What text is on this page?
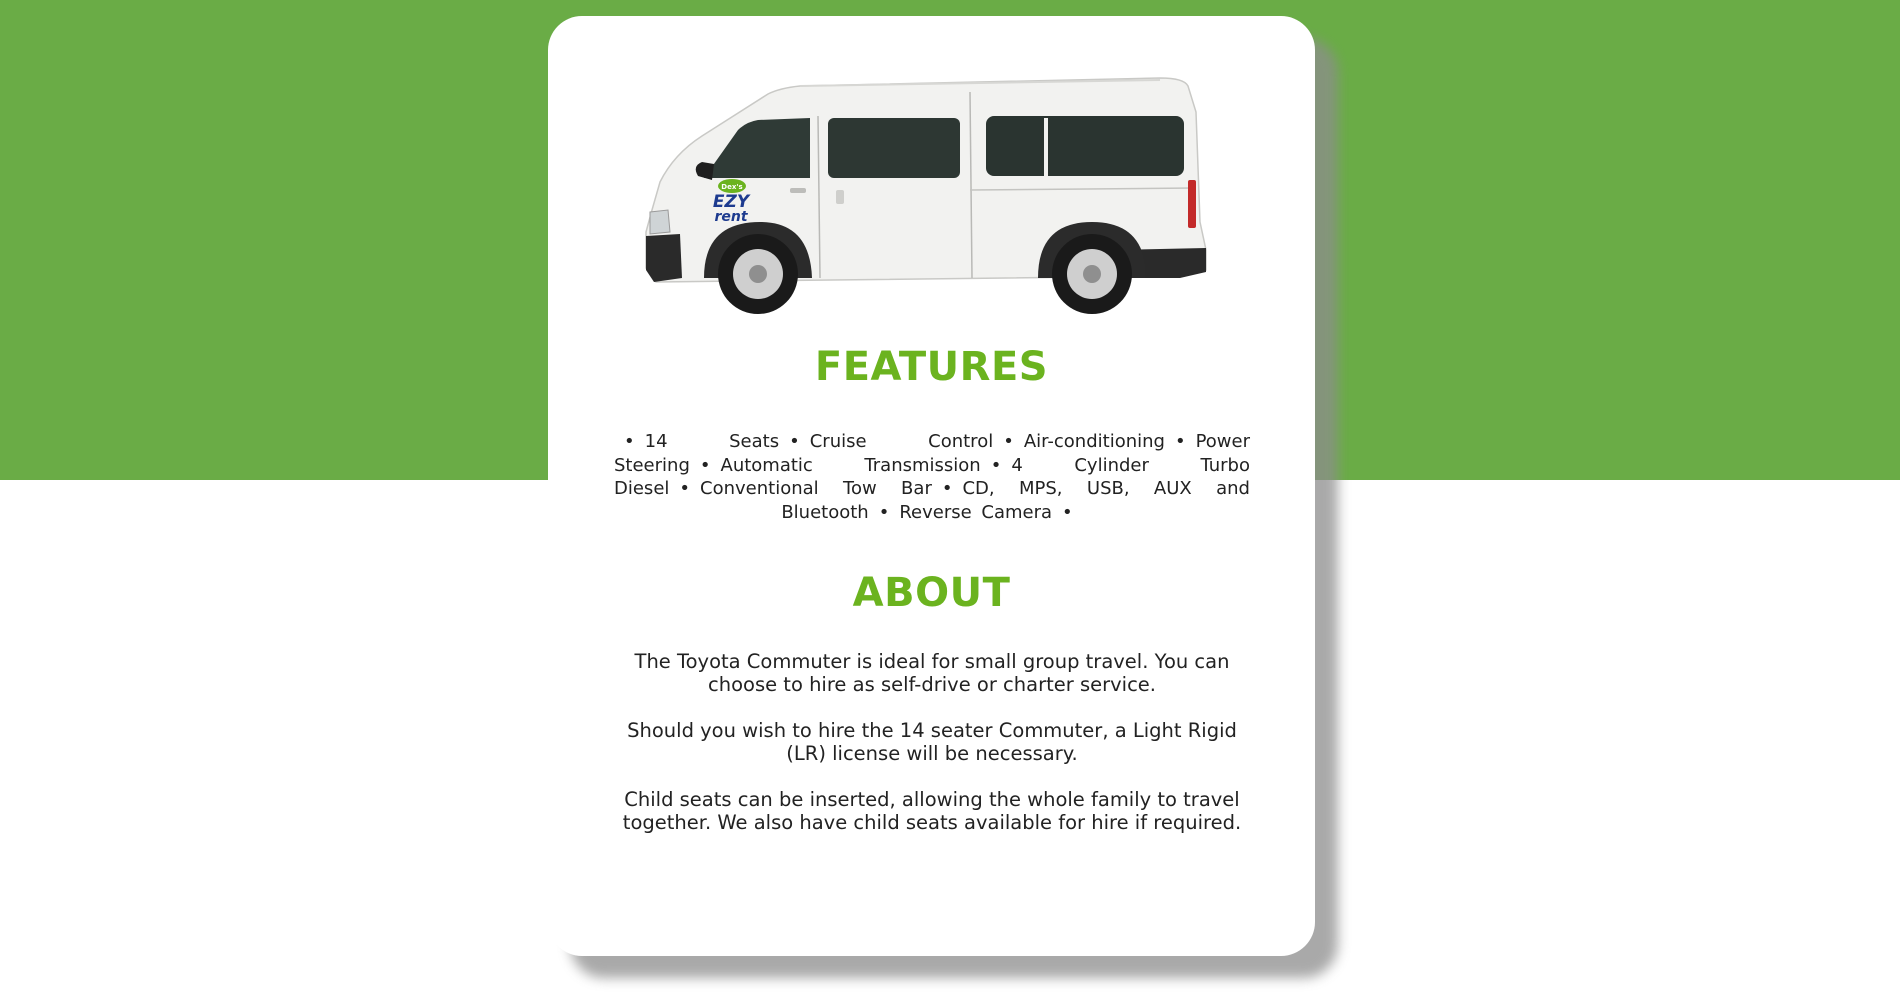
Dex's
EZY
rent
FEATURES

• 14 Seats • Cruise Control • Air-conditioning • Power Steering • Automatic Transmission • 4 Cylinder Turbo Diesel • Conventional Tow Bar • CD, MPS, USB, AUX and Bluetooth • Reverse Camera •

ABOUT

The Toyota Commuter is ideal for small group travel. You can choose to hire as self-drive or charter service.

Should you wish to hire the 14 seater Commuter, a Light Rigid (LR) license will be necessary.

Child seats can be inserted, allowing the whole family to travel together. We also have child seats available for hire if required.
